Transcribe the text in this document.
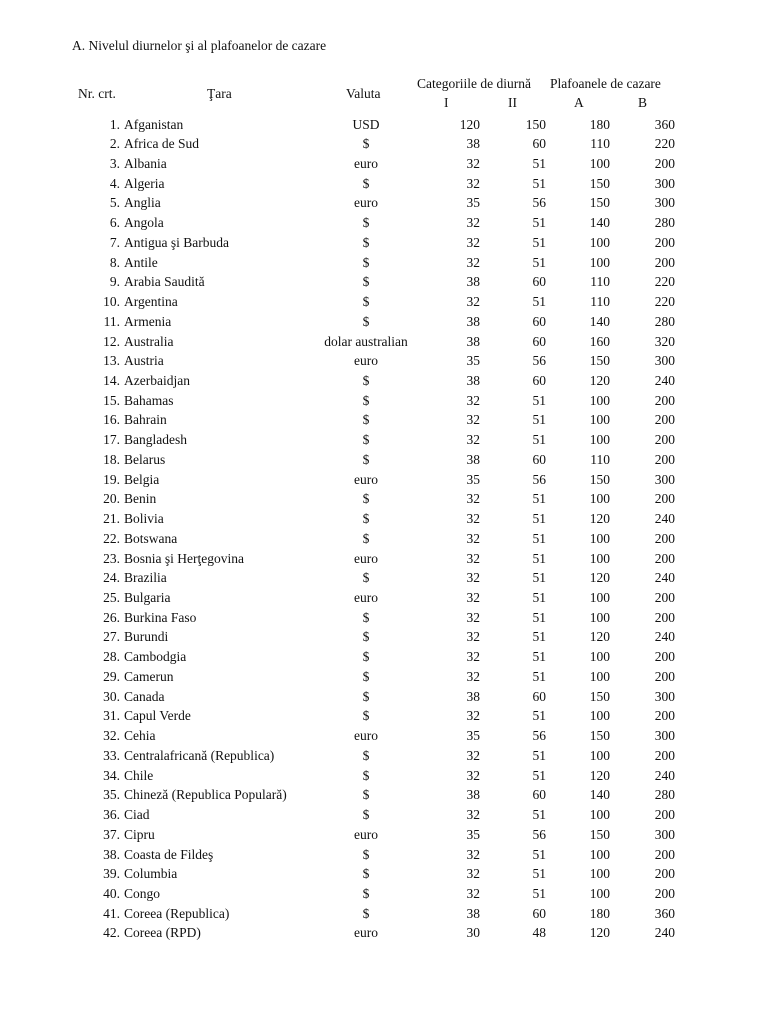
A. Nivelul diurnelor şi al plafoanelor de cazare
Nr. crt.	Ţara	Valuta
Categoriile de diurnă
I	II
Plafoanele de cazare
A	B
1. Afganistan	USD	120	150	180	360
2. Africa de Sud	$	38	60	110	220
3. Albania	euro	32	51	100	200
4. Algeria	$	32	51	150	300
5. Anglia	euro	35	56	150	300
6. Angola	$	32	51	140	280
7. Antigua şi Barbuda	$	32	51	100	200
8. Antile	$	32	51	100	200
9. Arabia Saudită	$	38	60	110	220
10. Argentina	$	32	51	110	220
11. Armenia	$	38	60	140	280
12. Australia	dolar australian	38	60	160	320
13. Austria	euro	35	56	150	300
14. Azerbaidjan	$	38	60	120	240
15. Bahamas	$	32	51	100	200
16. Bahrain	$	32	51	100	200
17. Bangladesh	$	32	51	100	200
18. Belarus	$	38	60	110	200
19. Belgia	euro	35	56	150	300
20. Benin	$	32	51	100	200
21. Bolivia	$	32	51	120	240
22. Botswana	$	32	51	100	200
23. Bosnia şi Herţegovina	euro	32	51	100	200
24. Brazilia	$	32	51	120	240
25. Bulgaria	euro	32	51	100	200
26. Burkina Faso	$	32	51	100	200
27. Burundi	$	32	51	120	240
28. Cambodgia	$	32	51	100	200
29. Camerun	$	32	51	100	200
30. Canada	$	38	60	150	300
31. Capul Verde	$	32	51	100	200
32. Cehia	euro	35	56	150	300
33. Centralafricană (Republica)	$	32	51	100	200
34. Chile	$	32	51	120	240
35. Chineză (Republica Populară)	$	38	60	140	280
36. Ciad	$	32	51	100	200
37. Cipru	euro	35	56	150	300
38. Coasta de Fildeş	$	32	51	100	200
39. Columbia	$	32	51	100	200
40. Congo	$	32	51	100	200
41. Coreea (Republica)	$	38	60	180	360
42. Coreea (RPD)	euro	30	48	120	240
